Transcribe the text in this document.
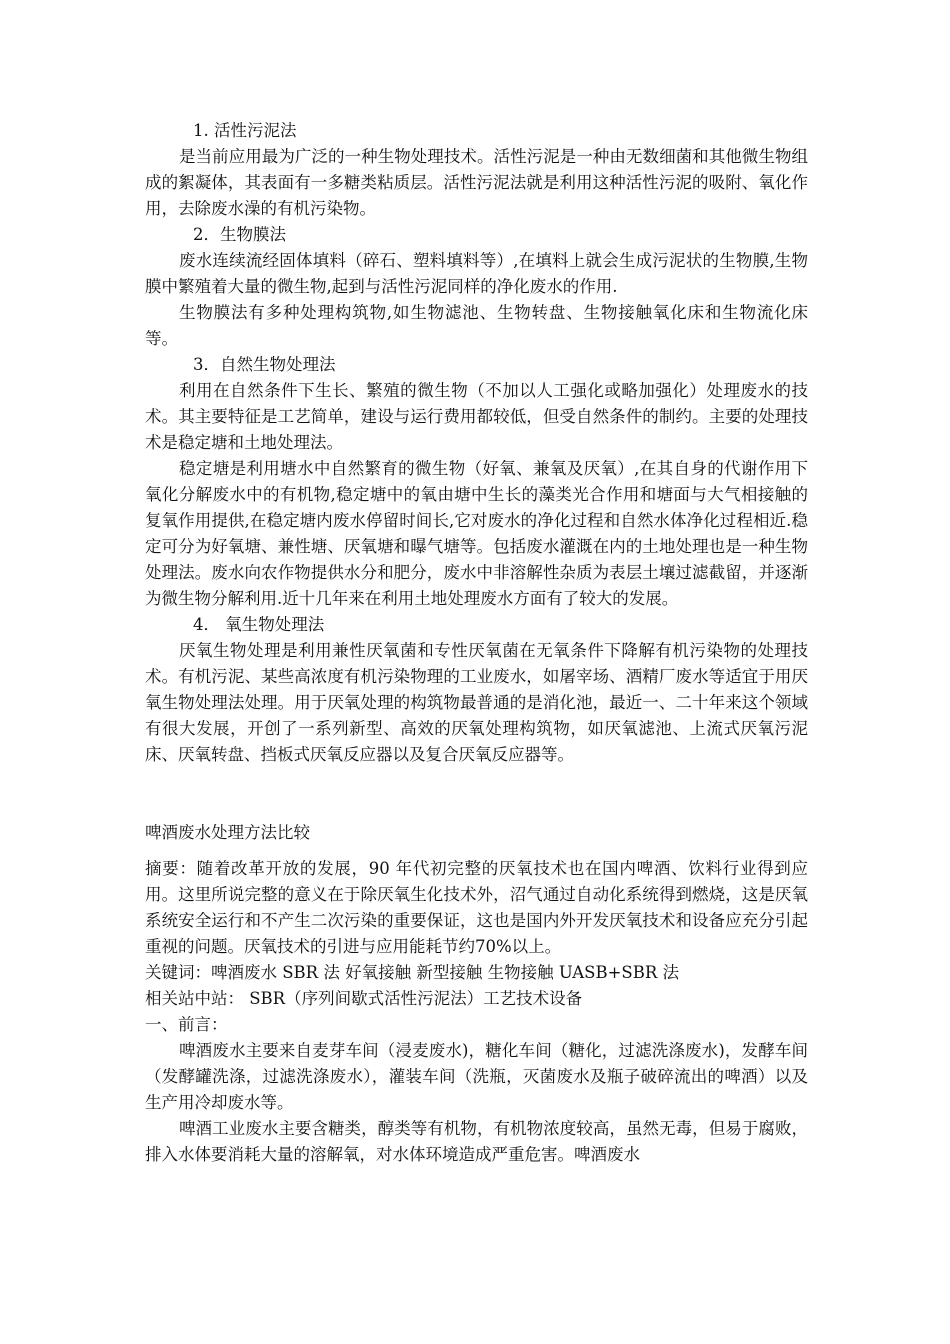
1. 活性污泥法

是当前应用最为广泛的一种生物处理技术。活性污泥是一种由无数细菌和其他微生物组成的絮凝体，其表面有一多糖类粘质层。活性污泥法就是利用这种活性污泥的吸附、氧化作用，去除废水澡的有机污染物。

2．生物膜法

废水连续流经固体填料（碎石、塑料填料等）,在填料上就会生成污泥状的生物膜,生物膜中繁殖着大量的微生物,起到与活性污泥同样的净化废水的作用.

生物膜法有多种处理构筑物,如生物滤池、生物转盘、生物接触氧化床和生物流化床等。

3．自然生物处理法

利用在自然条件下生长、繁殖的微生物（不加以人工强化或略加强化）处理废水的技术。其主要特征是工艺简单，建设与运行费用都较低，但受自然条件的制约。主要的处理技术是稳定塘和土地处理法。

稳定塘是利用塘水中自然繁育的微生物（好氧、兼氧及厌氧）,在其自身的代谢作用下氧化分解废水中的有机物,稳定塘中的氧由塘中生长的藻类光合作用和塘面与大气相接触的复氧作用提供,在稳定塘内废水停留时间长,它对废水的净化过程和自然水体净化过程相近.稳定可分为好氧塘、兼性塘、厌氧塘和曝气塘等。包括废水灌溉在内的土地处理也是一种生物处理法。废水向农作物提供水分和肥分，废水中非溶解性杂质为表层土壤过滤截留，并逐渐为微生物分解利用.近十几年来在利用土地处理废水方面有了较大的发展。

4． 氧生物处理法

厌氧生物处理是利用兼性厌氧菌和专性厌氧菌在无氧条件下降解有机污染物的处理技术。有机污泥、某些高浓度有机污染物理的工业废水，如屠宰场、酒精厂废水等适宜于用厌氧生物处理法处理。用于厌氧处理的构筑物最普通的是消化池，最近一、二十年来这个领域有很大发展，开创了一系列新型、高效的厌氧处理构筑物，如厌氧滤池、上流式厌氧污泥床、厌氧转盘、挡板式厌氧反应器以及复合厌氧反应器等。

啤酒废水处理方法比较

摘要：随着改革开放的发展，90 年代初完整的厌氧技术也在国内啤酒、饮料行业得到应用。这里所说完整的意义在于除厌氧生化技术外，沼气通过自动化系统得到燃烧，这是厌氧系统安全运行和不产生二次污染的重要保证，这也是国内外开发厌氧技术和设备应充分引起重视的问题。厌氧技术的引进与应用能耗节约70%以上。

关键词：啤酒废水 SBR 法 好氧接触 新型接触 生物接触 UASB+SBR 法

相关站中站： SBR（序列间歇式活性污泥法）工艺技术设备

一、前言：

啤酒废水主要来自麦芽车间（浸麦废水)，糖化车间（糖化，过滤洗涤废水)，发酵车间（发酵罐洗涤，过滤洗涤废水），灌装车间（洗瓶，灭菌废水及瓶子破碎流出的啤酒）以及生产用冷却废水等。

啤酒工业废水主要含糖类，醇类等有机物，有机物浓度较高，虽然无毒，但易于腐败，排入水体要消耗大量的溶解氧，对水体环境造成严重危害。啤酒废水
